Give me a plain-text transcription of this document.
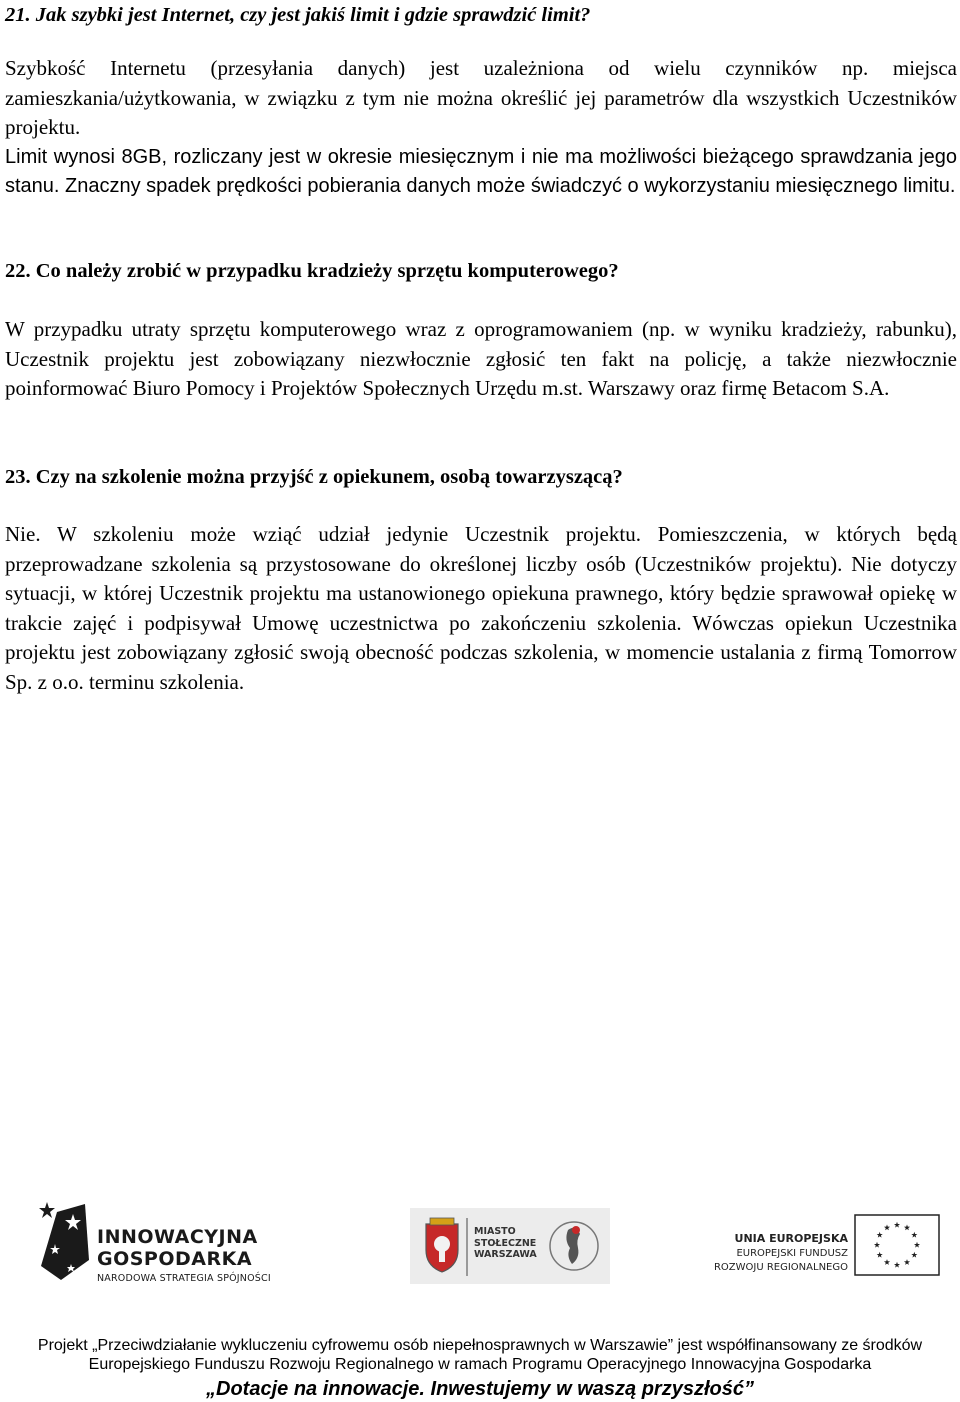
21. Jak szybki jest Internet, czy jest jakiś limit i gdzie sprawdzić limit?
Szybkość Internetu (przesyłania danych) jest uzależniona od wielu czynników np. miejsca zamieszkania/użytkowania, w związku z tym nie można określić jej parametrów dla wszystkich Uczestników projektu.
Limit wynosi 8GB, rozliczany jest w okresie miesięcznym i nie ma możliwości bieżącego sprawdzania jego stanu. Znaczny spadek prędkości pobierania danych może świadczyć o wykorzystaniu miesięcznego limitu.
22. Co należy zrobić w przypadku kradzieży sprzętu komputerowego?
W przypadku utraty sprzętu komputerowego wraz z oprogramowaniem (np. w wyniku kradzieży, rabunku), Uczestnik projektu jest zobowiązany niezwłocznie zgłosić ten fakt na policję, a także niezwłocznie poinformować Biuro Pomocy i Projektów Społecznych Urzędu m.st. Warszawy oraz firmę Betacom S.A.
23. Czy na szkolenie można przyjść z opiekunem, osobą towarzyszącą?
Nie. W szkoleniu może wziąć udział jedynie Uczestnik projektu. Pomieszczenia, w których będą przeprowadzane szkolenia są przystosowane do określonej liczby osób (Uczestników projektu). Nie dotyczy sytuacji, w której Uczestnik projektu ma ustanowionego opiekuna prawnego, który będzie sprawował opiekę w trakcie zajęć i podpisywał Umowę uczestnictwa po zakończeniu szkolenia. Wówczas opiekun Uczestnika projektu jest zobowiązany zgłosić swoją obecność podczas szkolenia, w momencie ustalania z firmą Tomorrow Sp. z o.o. terminu szkolenia.
INNOWACYJNA
GOSPODARKA
NARODOWA STRATEGIA SPÓJNOŚCI
MIASTO
STOŁECZNE
WARSZAWA
UNIA EUROPEJSKA
EUROPEJSKI FUNDUSZ
ROZWOJU REGIONALNEGO
Projekt „Przeciwdziałanie wykluczeniu cyfrowemu osób niepełnosprawnych w Warszawie” jest współfinansowany ze środków
Europejskiego Funduszu Rozwoju Regionalnego w ramach Programu Operacyjnego Innowacyjna Gospodarka
„Dotacje na innowacje. Inwestujemy w waszą przyszłość”
